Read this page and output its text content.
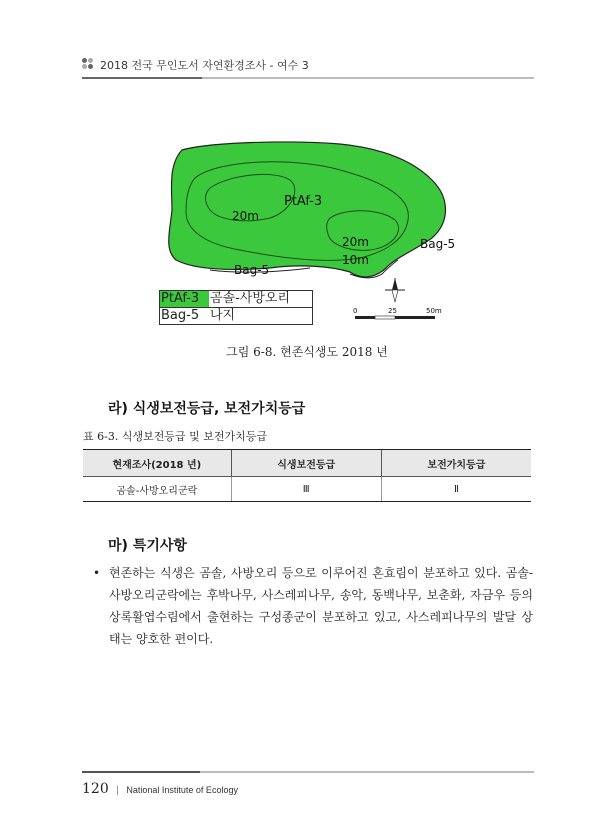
2018 전국 무인도서 자연환경조사 - 여수 3
PtAf-3
20m
20m
10m
Bag-5
Bag-5
0	25	50m
PtAf-3 곰솔-사방오리
Bag-5 나지
그림 6-8. 현존식생도 2018 년
라) 식생보전등급, 보전가치등급
표 6-3. 식생보전등급 및 보전가치등급
현재조사(2018 년)	식생보전등급	보전가치등급
곰솔-사방오리군락	Ⅲ	Ⅱ
마) 특기사항
• 현존하는 식생은 곰솔, 사방오리 등으로 이루어진 혼효림이 분포하고 있다. 곰솔-사방오리군락에는 후박나무, 사스레피나무, 송악, 동백나무, 보춘화, 자금우 등의 상록활엽수림에서 출현하는 구성종군이 분포하고 있고, 사스레피나무의 발달 상태는 양호한 편이다.
120 | National Institute of Ecology
